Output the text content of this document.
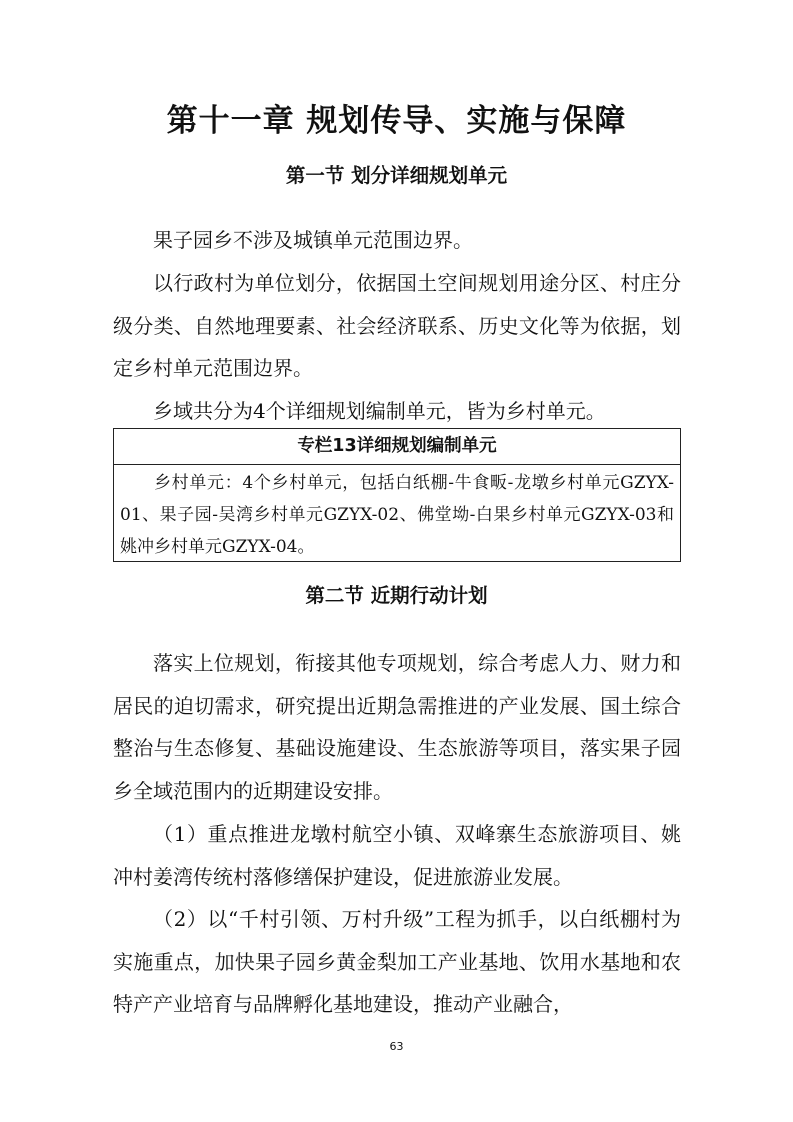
第十一章 规划传导、实施与保障
第一节 划分详细规划单元

果子园乡不涉及城镇单元范围边界。

以行政村为单位划分，依据国土空间规划用途分区、村庄分级分类、自然地理要素、社会经济联系、历史文化等为依据，划定乡村单元范围边界。

乡域共分为4个详细规划编制单元，皆为乡村单元。

专栏13详细规划编制单元

乡村单元：4个乡村单元，包括白纸棚-牛食畈-龙墩乡村单元GZYX-01、果子园-吴湾乡村单元GZYX-02、佛堂坳-白果乡村单元GZYX-03和姚冲乡村单元GZYX-04。

第二节 近期行动计划

落实上位规划，衔接其他专项规划，综合考虑人力、财力和居民的迫切需求，研究提出近期急需推进的产业发展、国土综合整治与生态修复、基础设施建设、生态旅游等项目，落实果子园乡全域范围内的近期建设安排。

（1）重点推进龙墩村航空小镇、双峰寨生态旅游项目、姚冲村姜湾传统村落修缮保护建设，促进旅游业发展。

（2）以“千村引领、万村升级”工程为抓手，以白纸棚村为实施重点，加快果子园乡黄金梨加工产业基地、饮用水基地和农特产产业培育与品牌孵化基地建设，推动产业融合，

63
